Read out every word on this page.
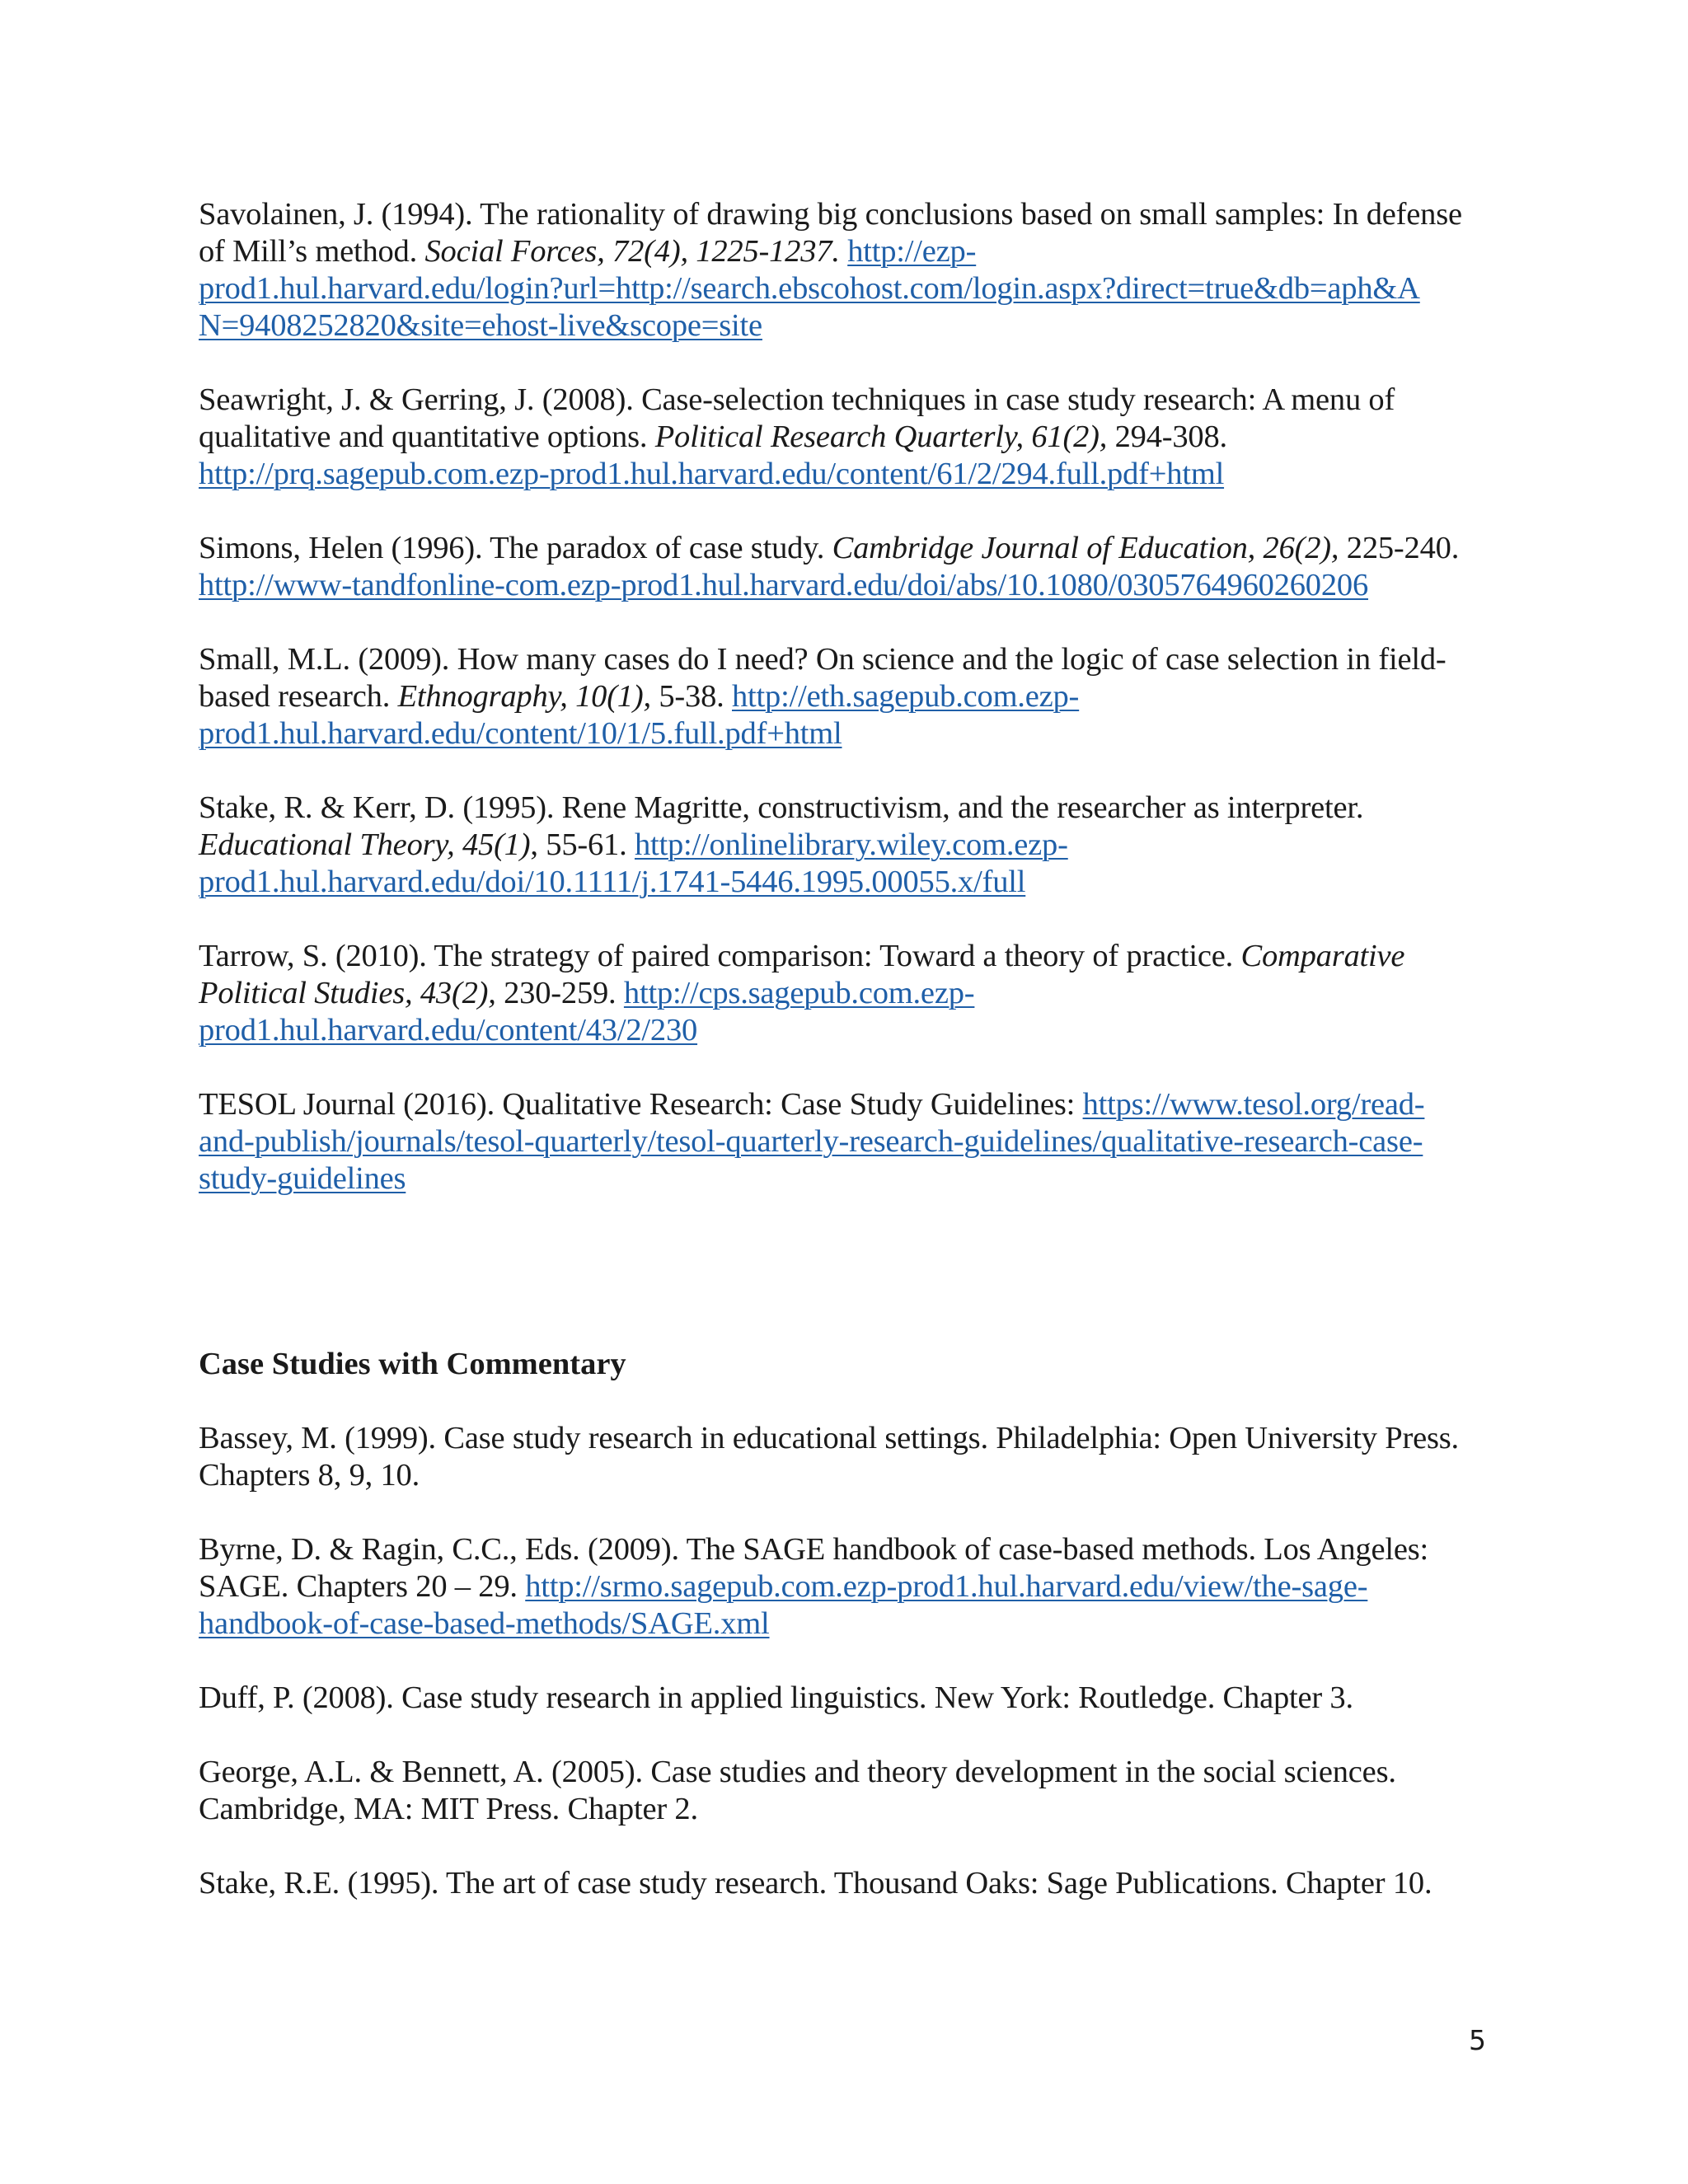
Savolainen, J. (1994). The rationality of drawing big conclusions based on small samples: In defense
of Mill’s method. Social Forces, 72(4), 1225-1237. http://ezp-
prod1.hul.harvard.edu/login?url=http://search.ebscohost.com/login.aspx?direct=true&db=aph&A
N=9408252820&site=ehost-live&scope=site
Seawright, J. & Gerring, J. (2008). Case-selection techniques in case study research: A menu of
qualitative and quantitative options. Political Research Quarterly, 61(2), 294-308.
http://prq.sagepub.com.ezp-prod1.hul.harvard.edu/content/61/2/294.full.pdf+html
Simons, Helen (1996). The paradox of case study. Cambridge Journal of Education, 26(2), 225-240.
http://www-tandfonline-com.ezp-prod1.hul.harvard.edu/doi/abs/10.1080/0305764960260206
Small, M.L. (2009). How many cases do I need? On science and the logic of case selection in field-
based research. Ethnography, 10(1), 5-38. http://eth.sagepub.com.ezp-
prod1.hul.harvard.edu/content/10/1/5.full.pdf+html
Stake, R. & Kerr, D. (1995). Rene Magritte, constructivism, and the researcher as interpreter.
Educational Theory, 45(1), 55-61. http://onlinelibrary.wiley.com.ezp-
prod1.hul.harvard.edu/doi/10.1111/j.1741-5446.1995.00055.x/full
Tarrow, S. (2010). The strategy of paired comparison: Toward a theory of practice. Comparative
Political Studies, 43(2), 230-259. http://cps.sagepub.com.ezp-
prod1.hul.harvard.edu/content/43/2/230
TESOL Journal (2016). Qualitative Research: Case Study Guidelines: https://www.tesol.org/read-
and-publish/journals/tesol-quarterly/tesol-quarterly-research-guidelines/qualitative-research-case-
study-guidelines
Case Studies with Commentary
Bassey, M. (1999). Case study research in educational settings. Philadelphia: Open University Press.
Chapters 8, 9, 10.
Byrne, D. & Ragin, C.C., Eds. (2009). The SAGE handbook of case-based methods. Los Angeles:
SAGE. Chapters 20 – 29. http://srmo.sagepub.com.ezp-prod1.hul.harvard.edu/view/the-sage-
handbook-of-case-based-methods/SAGE.xml
Duff, P. (2008). Case study research in applied linguistics. New York: Routledge. Chapter 3.
George, A.L. & Bennett, A. (2005). Case studies and theory development in the social sciences.
Cambridge, MA: MIT Press. Chapter 2.
Stake, R.E. (1995). The art of case study research. Thousand Oaks: Sage Publications. Chapter 10.
5
